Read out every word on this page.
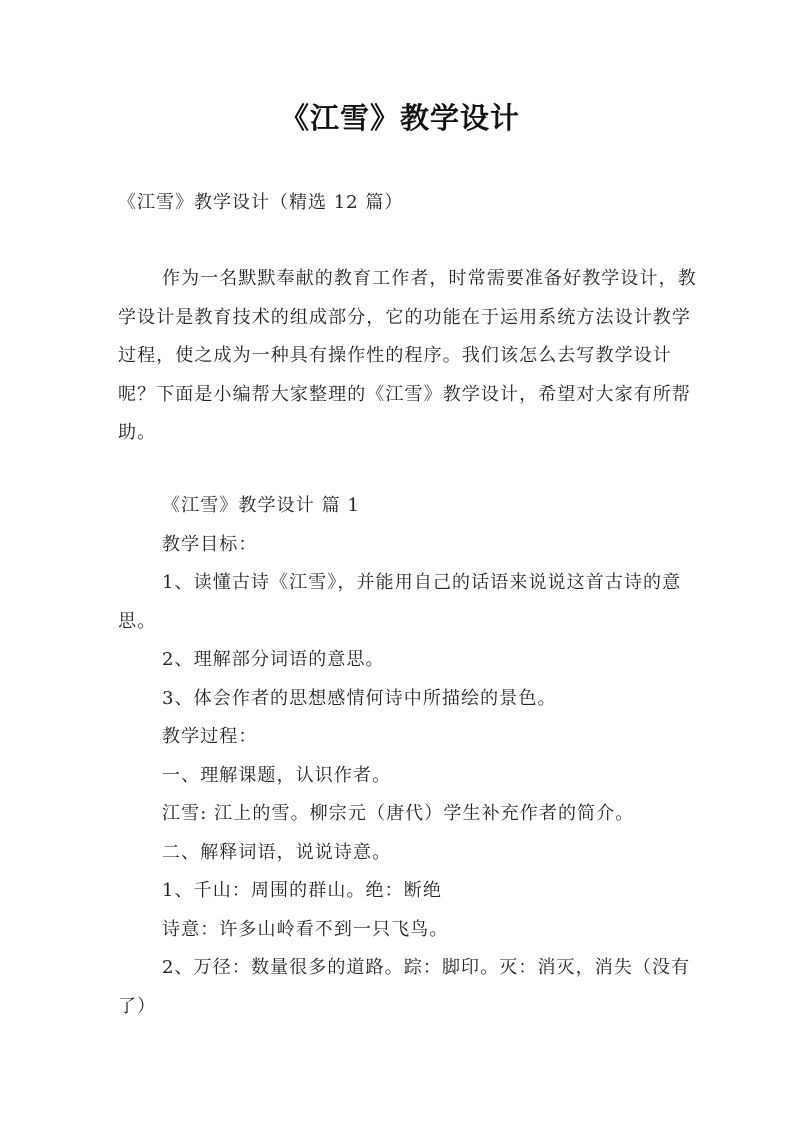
《江雪》教学设计
《江雪》教学设计（精选 12 篇）
作为一名默默奉献的教育工作者，时常需要准备好教学设计，教学设计是教育技术的组成部分，它的功能在于运用系统方法设计教学过程，使之成为一种具有操作性的程序。我们该怎么去写教学设计呢？下面是小编帮大家整理的《江雪》教学设计，希望对大家有所帮助。

《江雪》教学设计 篇 1

教学目标：

1、读懂古诗《江雪》，并能用自己的话语来说说这首古诗的意思。

2、理解部分词语的意思。

3、体会作者的思想感情何诗中所描绘的景色。

教学过程：

一、理解课题，认识作者。

江雪: 江上的雪。柳宗元（唐代）学生补充作者的简介。

二、解释词语，说说诗意。

1、千山：周围的群山。绝：断绝

诗意：许多山岭看不到一只飞鸟。

2、万径：数量很多的道路。踪：脚印。灭：消灭，消失（没有了）
